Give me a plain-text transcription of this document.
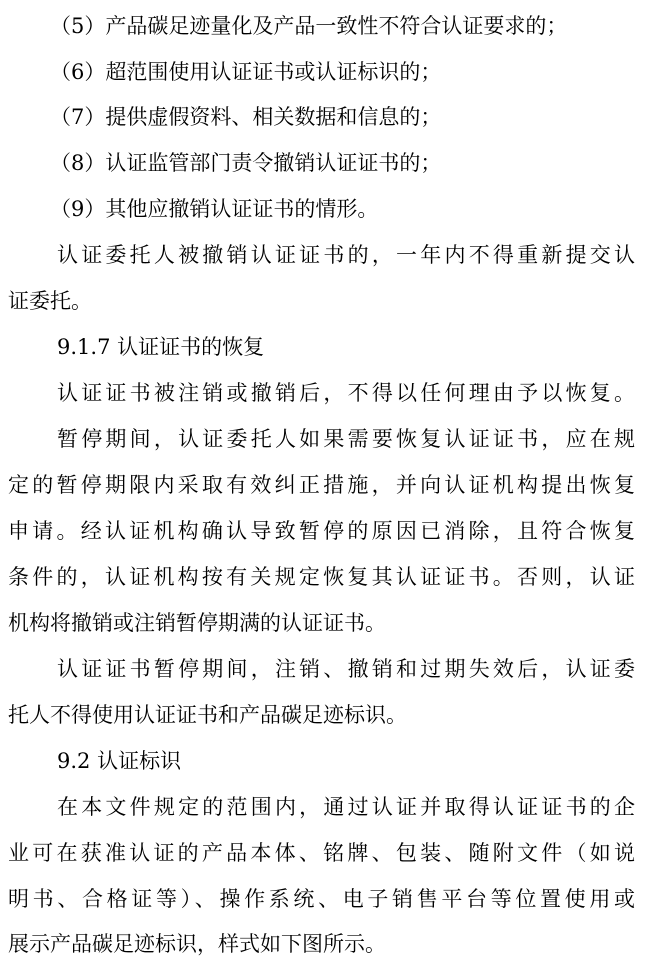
（5）产品碳足迹量化及产品一致性不符合认证要求的；
（6）超范围使用认证证书或认证标识的；
（7）提供虚假资料、相关数据和信息的；
（8）认证监管部门责令撤销认证证书的；
（9）其他应撤销认证证书的情形。
认证委托人被撤销认证证书的，一年内不得重新提交认
证委托。
9.1.7 认证证书的恢复
认证证书被注销或撤销后，不得以任何理由予以恢复。
暂停期间，认证委托人如果需要恢复认证证书，应在规
定的暂停期限内采取有效纠正措施，并向认证机构提出恢复
申请。经认证机构确认导致暂停的原因已消除，且符合恢复
条件的，认证机构按有关规定恢复其认证证书。否则，认证
机构将撤销或注销暂停期满的认证证书。
认证证书暂停期间，注销、撤销和过期失效后，认证委
托人不得使用认证证书和产品碳足迹标识。
9.2 认证标识
在本文件规定的范围内，通过认证并取得认证证书的企
业可在获准认证的产品本体、铭牌、包装、随附文件（如说
明书、合格证等）、操作系统、电子销售平台等位置使用或
展示产品碳足迹标识，样式如下图所示。
